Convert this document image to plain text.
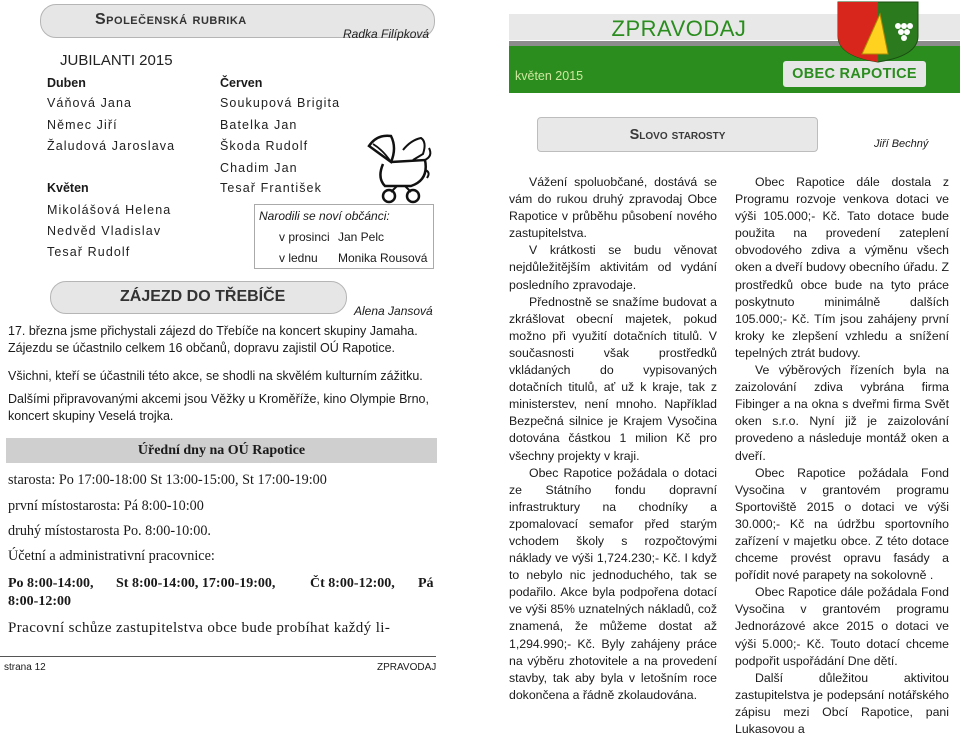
Společenská rubrika
Radka Filípková
JUBILANTI 2015
Duben
Váňová Jana
Němec Jiří
Žaludová Jaroslava
Květen
Mikolášová Helena
Nedvěd Vladislav
Tesař Rudolf
Červen
Soukupová Brigita
Batelka Jan
Škoda Rudolf
Chadim Jan
Tesař František
Narodili se noví občánci:
v prosinci Jan Pelc
v lednu Monika Rousová
ZÁJEZD DO TŘEBÍČE
Alena Jansová
17. března jsme přichystali zájezd do Třebíče na koncert skupiny Jamaha. Zájezdu se účastnilo celkem 16 občanů, dopravu zajistil OÚ Rapotice.
Všichni, kteří se účastnili této akce, se shodli na skvělém kulturním zážitku.
Dalšími připravovanými akcemi jsou Věžky u Kroměříže, kino Olympie Brno, koncert skupiny Veselá trojka.
Úřední dny na OÚ Rapotice
starosta: Po 17:00-18:00 St 13:00-15:00, St 17:00-19:00
první místostarosta: Pá 8:00-10:00
druhý místostarosta Po. 8:00-10:00.
Účetní a administrativní pracovnice:
Po 8:00-14:00, St 8:00-14:00, 17:00-19:00, Čt 8:00-12:00, Pá
8:00-12:00
Pracovní schůze zastupitelstva obce bude probíhat každý li-
strana 12	ZPRAVODAJ
ZPRAVODAJ
květen 2015	OBEC RAPOTICE
Slovo starosty
Jiří Bechný

Vážení spoluobčané, dostává se vám do rukou druhý zpravodaj Obce Rapotice v průběhu působení nového zastupitelstva.

V krátkosti se budu věnovat nejdůležitějším aktivitám od vydání posledního zpravodaje.

Přednostně se snažíme budovat a zkrášlovat obecní majetek, pokud možno při využití dotačních titulů. V současnosti však prostředků vkládaných do vypisovaných dotačních titulů, ať už k kraje, tak z ministerstev, není mnoho. Například Bezpečná silnice je Krajem Vysočina dotována částkou 1 milion Kč pro všechny projekty v kraji.

Obec Rapotice požádala o dotaci ze Státního fondu dopravní infrastruktury na chodníky a zpomalovací semafor před starým vchodem školy s rozpočtovými náklady ve výši 1,724.230;- Kč. I když to nebylo nic jednoduchého, tak se podařilo. Akce byla podpořena dotací ve výši 85% uznatelných nákladů, což znamená, že můžeme dostat až 1,294.990;- Kč. Byly zahájeny práce na výběru zhotovitele a na provedení stavby, tak aby byla v letošním roce dokončena a řádně zkolaudována.

Obec Rapotice dále dostala z Programu rozvoje venkova dotaci ve výši 105.000;- Kč. Tato dotace bude použita na provedení zateplení obvodového zdiva a výměnu všech oken a dveří budovy obecního úřadu. Z prostředků obce bude na tyto práce poskytnuto minimálně dalších 105.000;- Kč. Tím jsou zahájeny první kroky ke zlepšení vzhledu a snížení tepelných ztrát budovy.

Ve výběrových řízeních byla na zaizolování zdiva vybrána firma Fibinger a na okna s dveřmi firma Svět oken s.r.o. Nyní již je zaizolování provedeno a následuje montáž oken a dveří.

Obec Rapotice požádala Fond Vysočina v grantovém programu Sportoviště 2015 o dotaci ve výši 30.000;- Kč na údržbu sportovního zařízení v majetku obce. Z této dotace chceme provést opravu fasády a pořídit nové parapety na sokolovně .

Obec Rapotice dále požádala Fond Vysočina v grantovém programu Jednorázové akce 2015 o dotaci ve výši 5.000;- Kč. Touto dotací chceme podpořit uspořádání Dne dětí.

Další důležitou aktivitou zastupitelstva je podepsání notářského zápisu mezi Obcí Rapotice, pani Lukasovou a
